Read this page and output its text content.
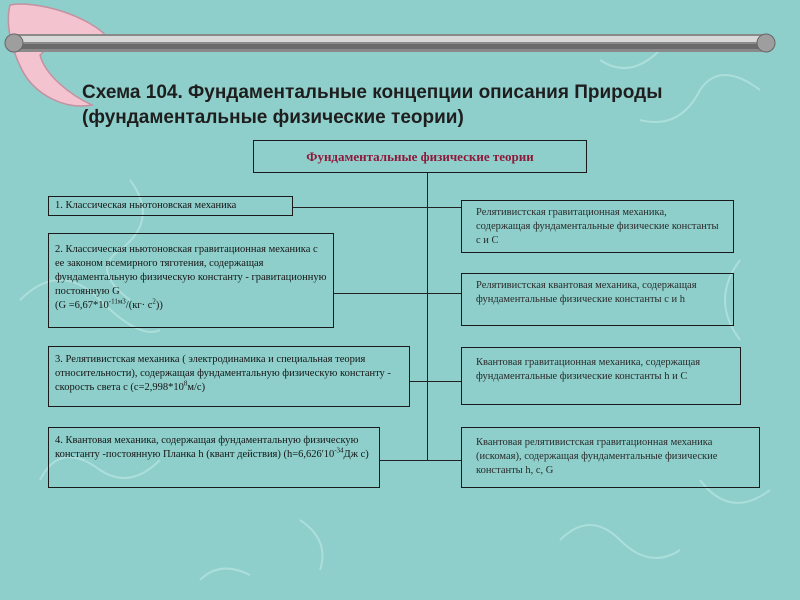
Схема 104. Фундаментальные концепции описания Природы (фундаментальные физические теории)
Фундаментальные физические теории
1. Классическая ньютоновская механика
2. Классическая ньютоновская гравитационная механика с ее законом всемирного тяготения, содержащая фундаментальную физическую константу - гравитационную постоянную G
$(G =6,67*10^{-11м3}/(кг\cdot с^2))$
3. Релятивистская механика ( электродинамика и специальная теория относительности), содержащая фундаментальную физическую константу - скорость света с $(с=2,998*10^8м/с)$
4. Квантовая механика, содержащая фундаментальную физическую константу -постоянную Планка h (квант действия) ($h=6,626'10^{-34}Дж$ с)
Релятивистская гравитационная механика, содержащая фундаментальные физические константы с и С
Релятивистская квантовая механика, содержащая фундаментальные физические константы с и h
Квантовая гравитационная механика, содержащая фундаментальные физические константы h и С
Квантовая релятивистская гравитационная механика (искомая), содержащая фундаментальные физические константы h, c, G
